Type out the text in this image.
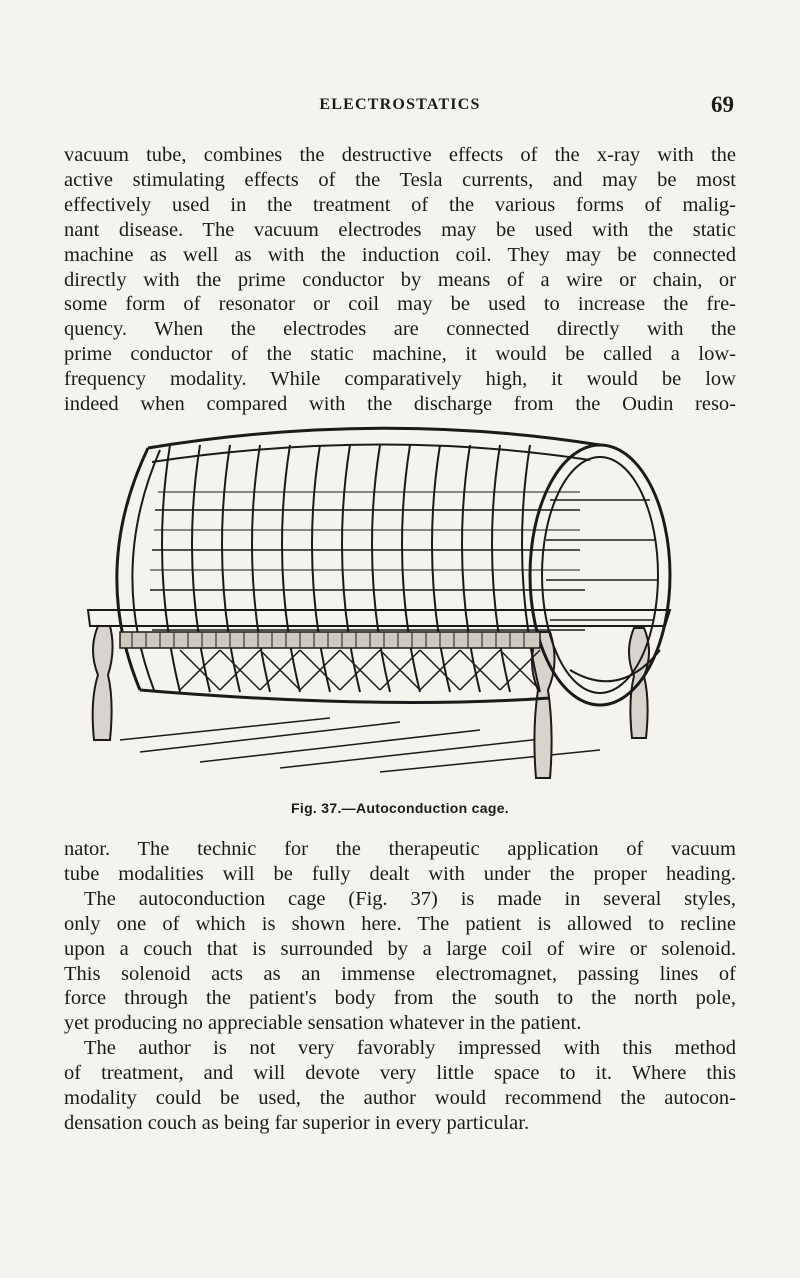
ELECTROSTATICS	69
vacuum tube, combines the destructive effects of the x-ray with the
active stimulating effects of the Tesla currents, and may be most
effectively used in the treatment of the various forms of malig-
nant disease. The vacuum electrodes may be used with the static
machine as well as with the induction coil. They may be connected
directly with the prime conductor by means of a wire or chain, or
some form of resonator or coil may be used to increase the fre-
quency. When the electrodes are connected directly with the
prime conductor of the static machine, it would be called a low-
frequency modality. While comparatively high, it would be low
indeed when compared with the discharge from the Oudin reso-
Fig. 37.—Autoconduction cage.
nator. The technic for the therapeutic application of vacuum
tube modalities will be fully dealt with under the proper heading.
The autoconduction cage (Fig. 37) is made in several styles,
only one of which is shown here. The patient is allowed to recline
upon a couch that is surrounded by a large coil of wire or solenoid.
This solenoid acts as an immense electromagnet, passing lines of
force through the patient's body from the south to the north pole,
yet producing no appreciable sensation whatever in the patient.
The author is not very favorably impressed with this method
of treatment, and will devote very little space to it. Where this
modality could be used, the author would recommend the autocon-
densation couch as being far superior in every particular.
